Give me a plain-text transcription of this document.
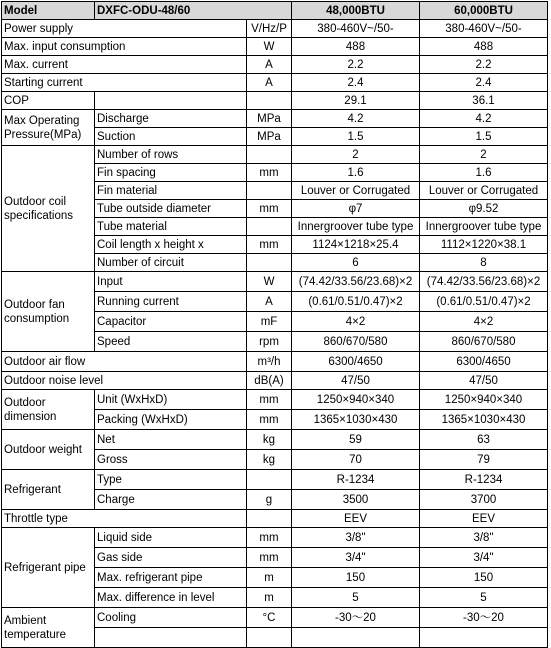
Model	DXFC-ODU-48/60		48,000BTU	60,000BTU
Power supply		V/Hz/P	380-460V~/50-	380-460V~/50-
Max. input consumption		W	488	488
Max. current		A	2.2	2.2
Starting current		A	2.4	2.4
COP			29.1	36.1
Max Operating Pressure(MPa)	Discharge	MPa	4.2	4.2
	Suction	MPa	1.5	1.5
Outdoor coil specifications	Number of rows		2	2
	Fin spacing	mm	1.6	1.6
	Fin material		Louver or Corrugated	Louver or Corrugated
	Tube outside diameter	mm	φ7	φ9.52
	Tube material		Innergroover tube type	Innergroover tube type
	Coil length x height x	mm	1124×1218×25.4	1112×1220×38.1
	Number of circuit		6	8
Outdoor fan consumption	Input	W	(74.42/33.56/23.68)×2	(74.42/33.56/23.68)×2
	Running current	A	(0.61/0.51/0.47)×2	(0.61/0.51/0.47)×2
	Capacitor	mF	4×2	4×2
	Speed	rpm	860/670/580	860/670/580
Outdoor air flow		m³/h	6300/4650	6300/4650
Outdoor noise level		dB(A)	47/50	47/50
Outdoor dimension	Unit (WxHxD)	mm	1250×940×340	1250×940×340
	Packing (WxHxD)	mm	1365×1030×430	1365×1030×430
Outdoor weight	Net	kg	59	63
	Gross	kg	70	79
Refrigerant	Type		R-1234	R-1234
	Charge	g	3500	3700
Throttle type			EEV	EEV
Refrigerant pipe	Liquid side	mm	3/8"	3/8"
	Gas side	mm	3/4"	3/4"
	Max. refrigerant pipe	m	150	150
	Max. difference in level	m	5	5
Ambient temperature	Cooling	°C	-30～20	-30～20
